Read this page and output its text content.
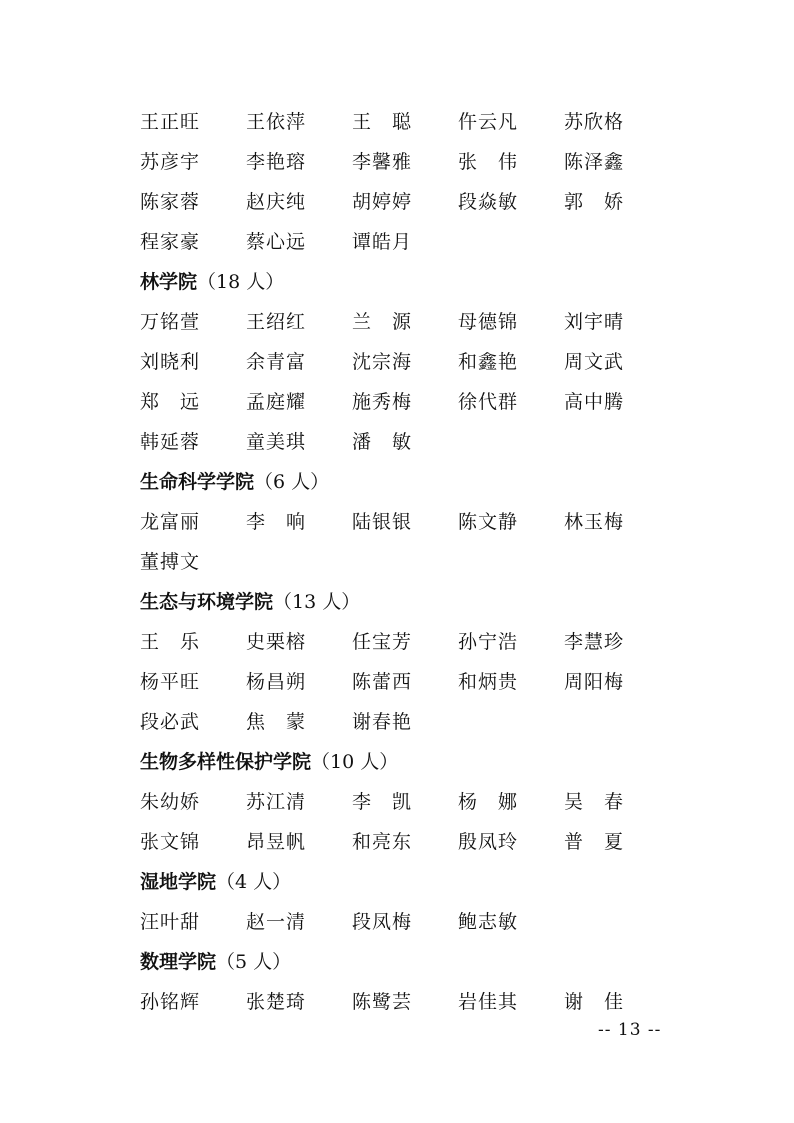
王正旺	王依萍	王　聪	仵云凡	苏欣格
苏彦宇	李艳瑢	李馨雅	张　伟	陈泽鑫
陈家蓉	赵庆纯	胡婷婷	段焱敏	郭　娇
程家豪	蔡心远	谭皓月
林学院 （18 人）
万铭萱	王绍红	兰　源	母德锦	刘宇晴
刘晓利	余青富	沈宗海	和鑫艳	周文武
郑　远	孟庭耀	施秀梅	徐代群	高中腾
韩延蓉	童美琪	潘　敏
生命科学学院 （6 人）
龙富丽	李　响	陆银银	陈文静	林玉梅
董搏文
生态与环境学院 （13 人）
王　乐	史栗榕	任宝芳	孙宁浩	李慧珍
杨平旺	杨昌朔	陈蕾西	和炳贵	周阳梅
段必武	焦　蒙	谢春艳
生物多样性保护学院 （10 人）
朱幼娇	苏江清	李　凯	杨　娜	吴　春
张文锦	昂昱帆	和亮东	殷凤玲	普　夏
湿地学院 （4 人）
汪叶甜	赵一清	段凤梅	鲍志敏
数理学院 （5 人）
孙铭辉	张楚琦	陈鹭芸	岩佳其	谢　佳
-- 13 --
